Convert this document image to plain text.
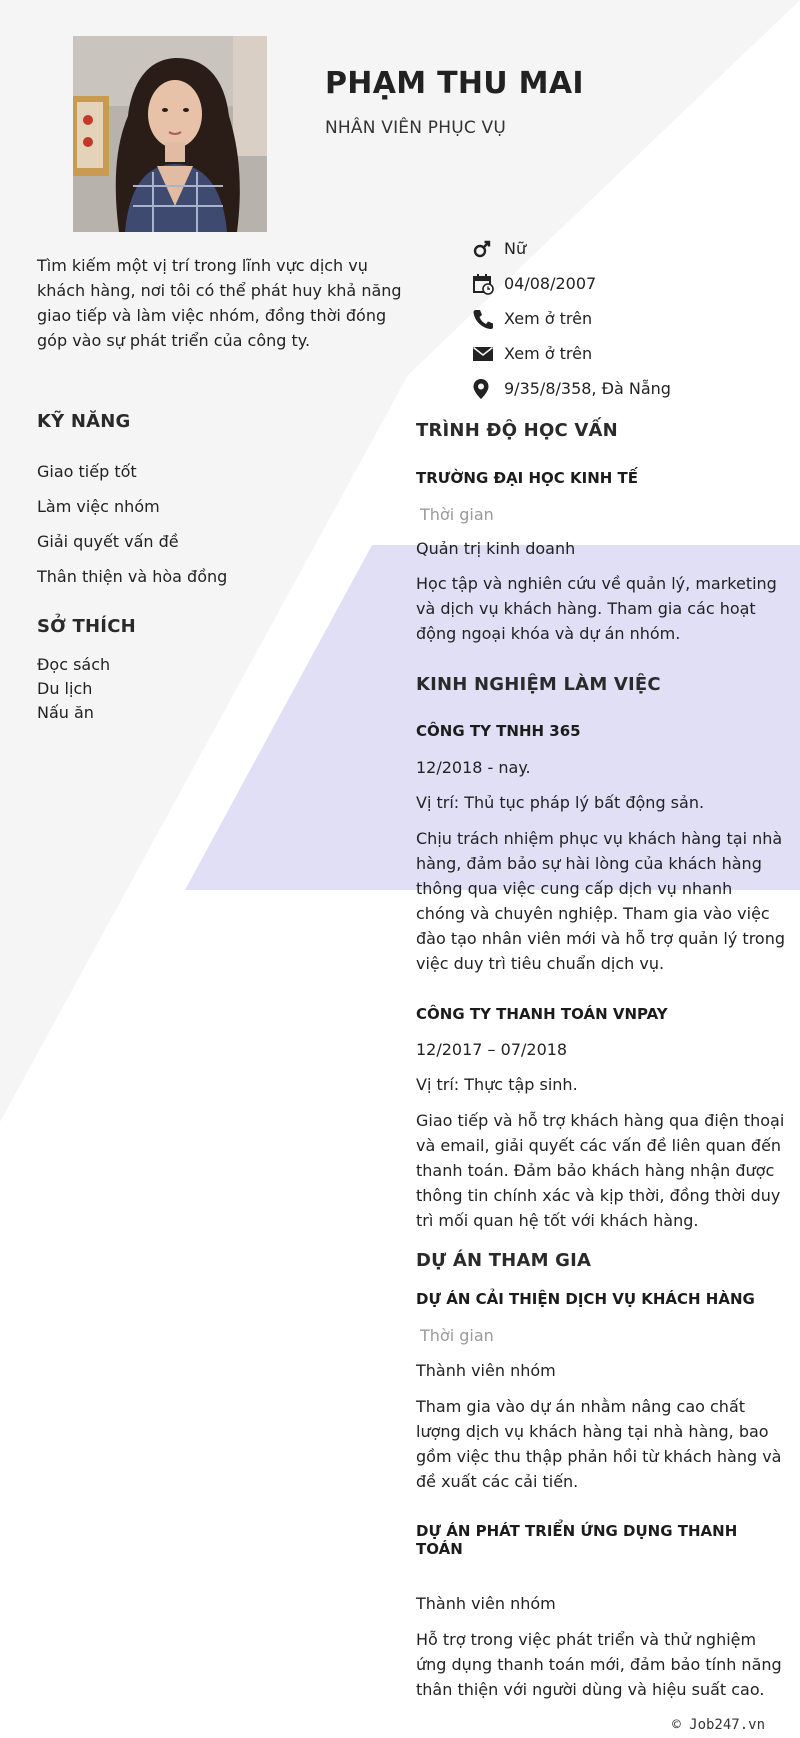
PHẠM THU MAI
NHÂN VIÊN PHỤC VỤ
Tìm kiếm một vị trí trong lĩnh vực dịch vụ khách hàng, nơi tôi có thể phát huy khả năng giao tiếp và làm việc nhóm, đồng thời đóng góp vào sự phát triển của công ty.
Nữ
04/08/2007
Xem ở trên
Xem ở trên
9/35/8/358, Đà Nẵng
KỸ NĂNG
Giao tiếp tốt
Làm việc nhóm
Giải quyết vấn đề
Thân thiện và hòa đồng
SỞ THÍCH
Đọc sách
Du lịch
Nấu ăn
TRÌNH ĐỘ HỌC VẤN
TRƯỜNG ĐẠI HỌC KINH TẾ
Thời gian
Quản trị kinh doanh
Học tập và nghiên cứu về quản lý, marketing và dịch vụ khách hàng. Tham gia các hoạt động ngoại khóa và dự án nhóm.
KINH NGHIỆM LÀM VIỆC
CÔNG TY TNHH 365
12/2018 - nay.
Vị trí: Thủ tục pháp lý bất động sản.
Chịu trách nhiệm phục vụ khách hàng tại nhà hàng, đảm bảo sự hài lòng của khách hàng thông qua việc cung cấp dịch vụ nhanh chóng và chuyên nghiệp. Tham gia vào việc đào tạo nhân viên mới và hỗ trợ quản lý trong việc duy trì tiêu chuẩn dịch vụ.
CÔNG TY THANH TOÁN VNPAY
12/2017 – 07/2018
Vị trí: Thực tập sinh.
Giao tiếp và hỗ trợ khách hàng qua điện thoại và email, giải quyết các vấn đề liên quan đến thanh toán. Đảm bảo khách hàng nhận được thông tin chính xác và kịp thời, đồng thời duy trì mối quan hệ tốt với khách hàng.
DỰ ÁN THAM GIA
DỰ ÁN CẢI THIỆN DỊCH VỤ KHÁCH HÀNG
Thời gian
Thành viên nhóm
Tham gia vào dự án nhằm nâng cao chất lượng dịch vụ khách hàng tại nhà hàng, bao gồm việc thu thập phản hồi từ khách hàng và đề xuất các cải tiến.
DỰ ÁN PHÁT TRIỂN ỨNG DỤNG THANH TOÁN
Thành viên nhóm
Hỗ trợ trong việc phát triển và thử nghiệm ứng dụng thanh toán mới, đảm bảo tính năng thân thiện với người dùng và hiệu suất cao.
© Job247.vn
